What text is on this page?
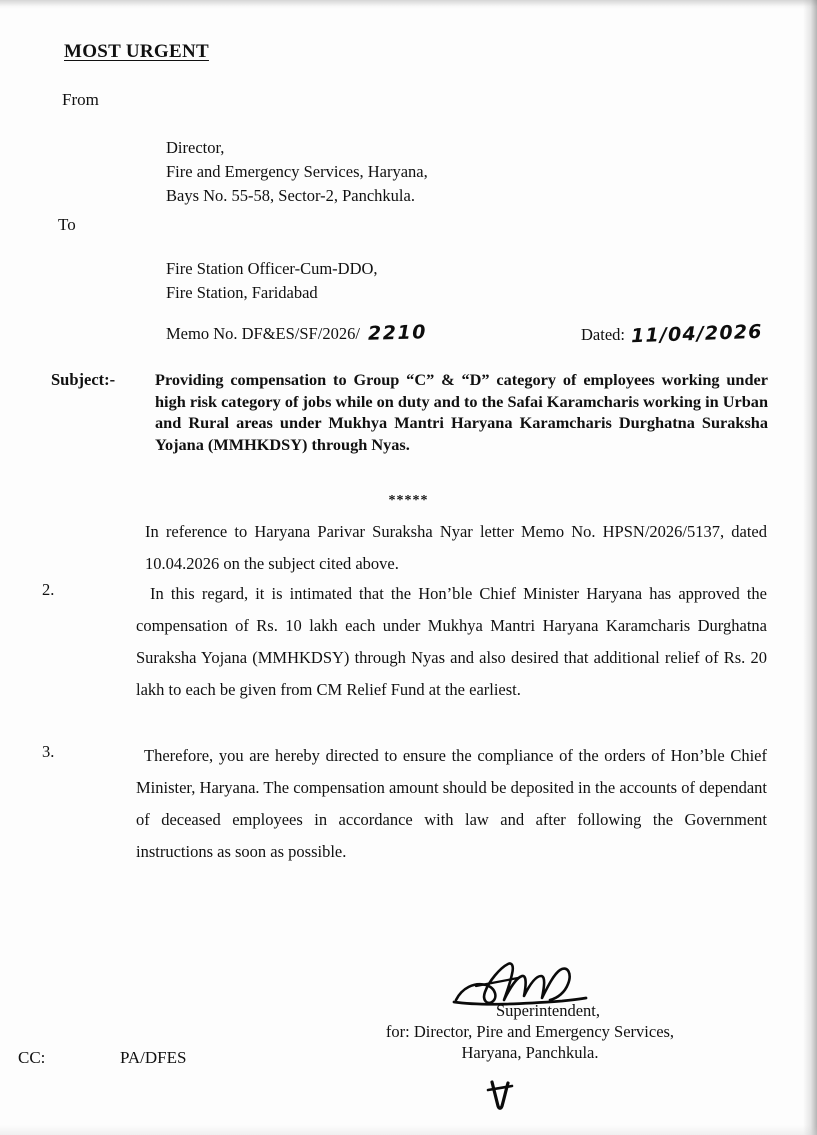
MOST URGENT
From
Director,
Fire and Emergency Services, Haryana,
Bays No. 55-58, Sector-2, Panchkula.
To
Fire Station Officer-Cum-DDO,
Fire Station, Faridabad
Memo No. DF&ES/SF/2026/ 2210	Dated: 11/04/2026
Subject:- Providing compensation to Group “C” & “D” category of employees working under high risk category of jobs while on duty and to the Safai Karamcharis working in Urban and Rural areas under Mukhya Mantri Haryana Karamcharis Durghatna Suraksha Yojana (MMHKDSY) through Nyas.
*****
In reference to Haryana Parivar Suraksha Nyar letter Memo No. HPSN/2026/5137, dated 10.04.2026 on the subject cited above.
2.	In this regard, it is intimated that the Hon’ble Chief Minister Haryana has approved the compensation of Rs. 10 lakh each under Mukhya Mantri Haryana Karamcharis Durghatna Suraksha Yojana (MMHKDSY) through Nyas and also desired that additional relief of Rs. 20 lakh to each be given from CM Relief Fund at the earliest.
3.	Therefore, you are hereby directed to ensure the compliance of the orders of Hon’ble Chief Minister, Haryana. The compensation amount should be deposited in the accounts of dependant of deceased employees in accordance with law and after following the Government instructions as soon as possible.
Superintendent,
for: Director, Pire and Emergency Services,
Haryana, Panchkula.
CC:	PA/DFES
